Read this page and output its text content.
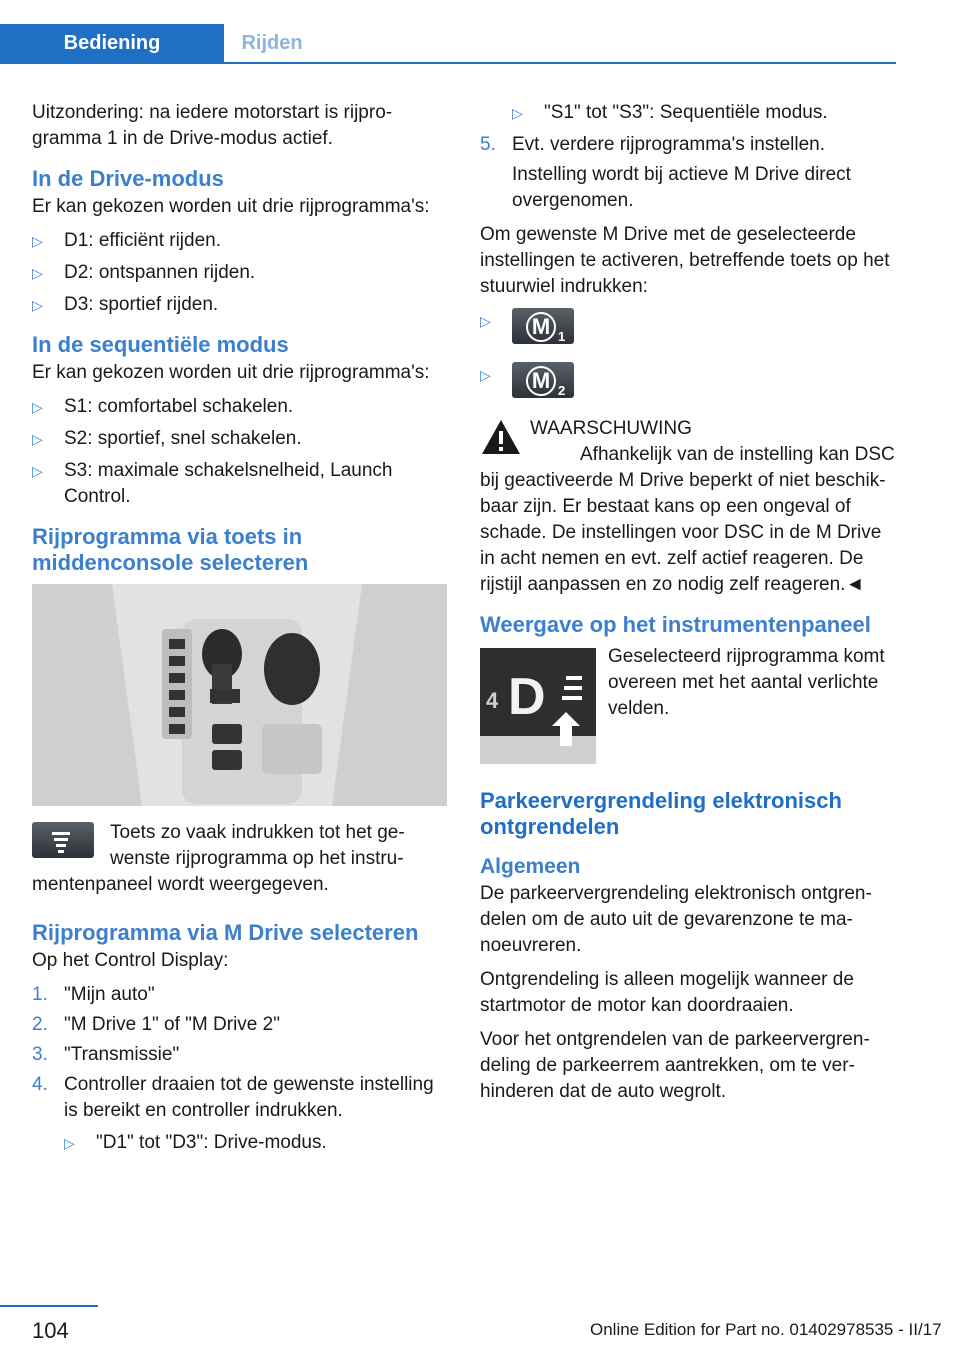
Bediening	Rijden

Uitzondering: na iedere motorstart is rijprogramma 1 in de Drive-modus actief.

In de Drive-modus

Er kan gekozen worden uit drie rijprogramma's:

▷ D1: efficiënt rijden.
▷ D2: ontspannen rijden.
▷ D3: sportief rijden.
In de sequentiële modus

Er kan gekozen worden uit drie rijprogramma's:

▷ S1: comfortabel schakelen.
▷ S2: sportief, snel schakelen.
▷ S3: maximale schakelsnelheid, Launch Control.
Rijprogramma via toets in middenconsole selecteren

Toets zo vaak indrukken tot het gewenste rijprogramma op het instrumentenpaneel wordt weergegeven.

Rijprogramma via M Drive selecteren

Op het Control Display:

1. "Mijn auto"
2. "M Drive 1" of "M Drive 2"
3. "Transmissie"
4. Controller draaien tot de gewenste instelling is bereikt en controller indrukken.
▷ "D1" tot "D3": Drive-modus.
▷ "S1" tot "S3": Sequentiële modus.
5. Evt. verdere rijprogramma's instellen.

Instelling wordt bij actieve M Drive direct overgenomen.

Om gewenste M Drive met de geselecteerde instellingen te activeren, betreffende toets op het stuurwiel indrukken:

▷ M 1
▷ M 2
WAARSCHUWING
Afhankelijk van de instelling kan DSC bij geactiveerde M Drive beperkt of niet beschikbaar zijn. Er bestaat kans op een ongeval of schade. De instellingen voor DSC in de M Drive in acht nemen en evt. zelf actief reageren. De rijstijl aanpassen en zo nodig zelf reageren.◄
Weergave op het instrumentenpaneel
4 D

Geselecteerd rijprogramma komt overeen met het aantal verlichte velden.

Parkeervergrendeling elektronisch ontgrendelen
Algemeen

De parkeervergrendeling elektronisch ontgrendelen om de auto uit de gevarenzone te manoeuvreren.

Ontgrendeling is alleen mogelijk wanneer de startmotor de motor kan doordraaien.

Voor het ontgrendelen van de parkeervergrendeling de parkeerrem aantrekken, om te verhinderen dat de auto wegrolt.

104	Online Edition for Part no. 01402978535 - II/17
